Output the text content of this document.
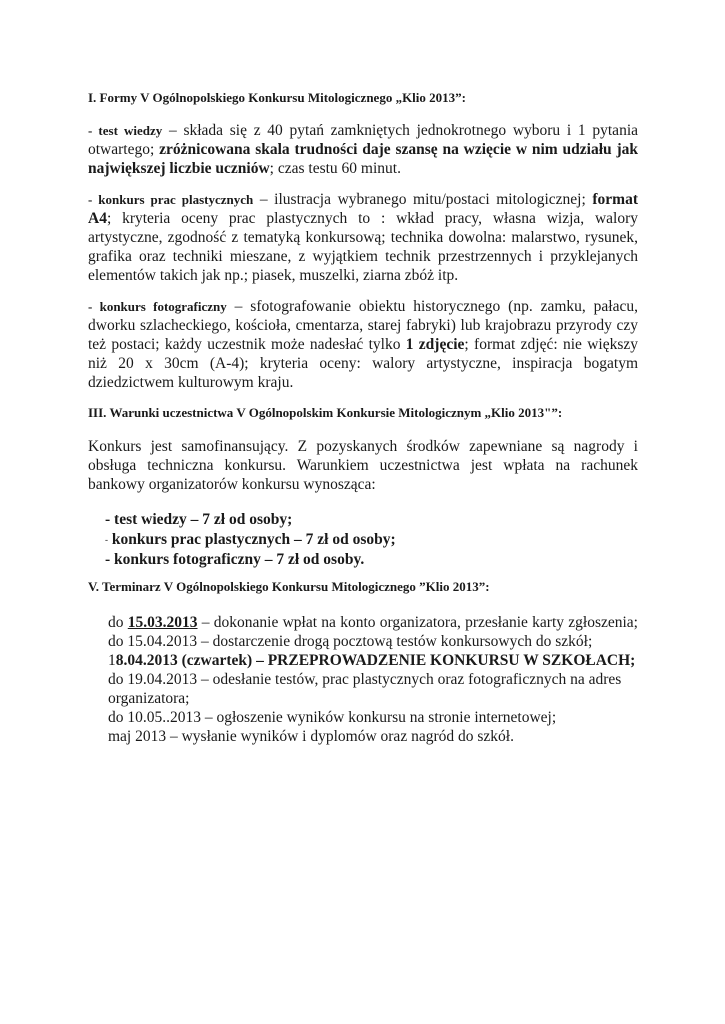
I. Formy V Ogólnopolskiego Konkursu Mitologicznego „Klio 2013”:

- test wiedzy – składa się z 40 pytań zamkniętych jednokrotnego wyboru i 1 pytania otwartego; zróżnicowana skala trudności daje szansę na wzięcie w nim udziału jak największej liczbie uczniów; czas testu 60 minut.

- konkurs prac plastycznych – ilustracja wybranego mitu/postaci mitologicznej; format A4; kryteria oceny prac plastycznych to : wkład pracy, własna wizja, walory artystyczne, zgodność z tematyką konkursową; technika dowolna: malarstwo, rysunek, grafika oraz techniki mieszane, z wyjątkiem technik przestrzennych i przyklejanych elementów takich jak np.; piasek, muszelki, ziarna zbóż itp.

- konkurs fotograficzny – sfotografowanie obiektu historycznego (np. zamku, pałacu, dworku szlacheckiego, kościoła, cmentarza, starej fabryki) lub krajobrazu przyrody czy też postaci; każdy uczestnik może nadesłać tylko 1 zdjęcie; format zdjęć: nie większy niż 20 x 30cm (A-4); kryteria oceny: walory artystyczne, inspiracja bogatym dziedzictwem kulturowym kraju.

III. Warunki uczestnictwa V Ogólnopolskim Konkursie Mitologicznym „Klio 2013"”:

Konkurs jest samofinansujący. Z pozyskanych środków zapewniane są nagrody i obsługa techniczna konkursu. Warunkiem uczestnictwa jest wpłata na rachunek bankowy organizatorów konkursu wynosząca:

- test wiedzy – 7 zł od osoby;
- konkurs prac plastycznych – 7 zł od osoby;
- konkurs fotograficzny – 7 zł od osoby.
V. Terminarz V Ogólnopolskiego Konkursu Mitologicznego ”Klio 2013”:
do 15.03.2013 – dokonanie wpłat na konto organizatora, przesłanie karty zgłoszenia;
do 15.04.2013 – dostarczenie drogą pocztową testów konkursowych do szkół;
18.04.2013 (czwartek) – PRZEPROWADZENIE KONKURSU W SZKOŁACH;
do 19.04.2013 – odesłanie testów, prac plastycznych oraz fotograficznych na adres organizatora;
do 10.05..2013 – ogłoszenie wyników konkursu na stronie internetowej;
maj 2013 – wysłanie wyników i dyplomów oraz nagród do szkół.
